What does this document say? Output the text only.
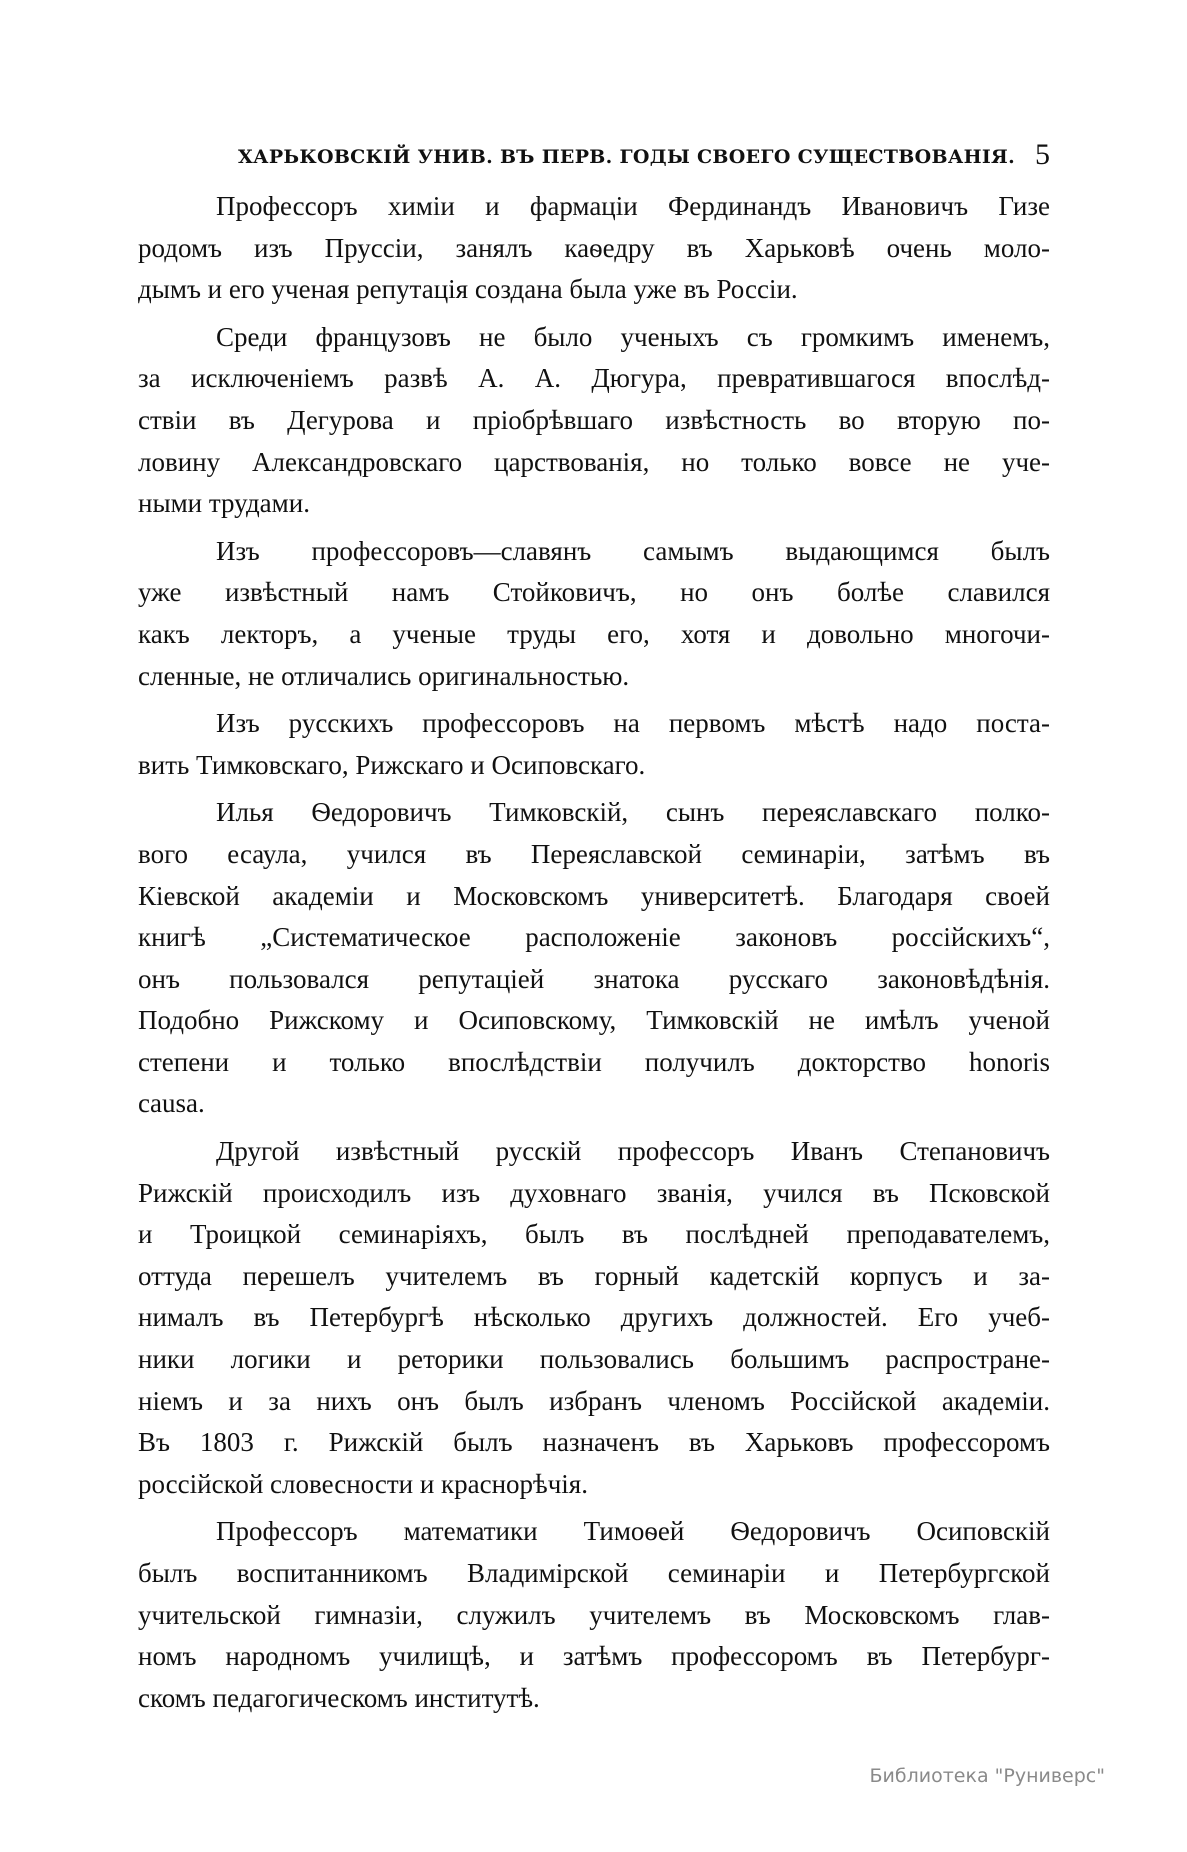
ХАРЬКОВСКІЙ УНИВ. ВЪ ПЕРВ. ГОДЫ СВОЕГО СУЩЕСТВОВАНІЯ. 5
Профессоръ химіи и фармаціи Фердинандъ Ивановичъ Гизе
родомъ изъ Пруссіи, занялъ каѳедру въ Харьковѣ очень моло-
дымъ и его ученая репутація создана была уже въ Россіи.
Среди французовъ не было ученыхъ съ громкимъ именемъ,
за исключеніемъ развѣ А. А. Дюгура, превратившагося впослѣд-
ствіи въ Дегурова и пріобрѣвшаго извѣстность во вторую по-
ловину Александровскаго царствованія, но только вовсе не уче-
ными трудами.
Изъ профессоровъ—славянъ самымъ выдающимся былъ
уже извѣстный намъ Стойковичъ, но онъ болѣе славился
какъ лекторъ, а ученые труды его, хотя и довольно многочи-
сленные, не отличались оригинальностью.
Изъ русскихъ профессоровъ на первомъ мѣстѣ надо поста-
вить Тимковскаго, Рижскаго и Осиповскаго.
Илья Ѳедоровичъ Тимковскій, сынъ переяславскаго полко-
вого есаула, учился въ Переяславской семинаріи, затѣмъ въ
Кіевской академіи и Московскомъ университетѣ. Благодаря своей
книгѣ „Систематическое расположеніе законовъ россійскихъ“,
онъ пользовался репутаціей знатока русскаго законовѣдѣнія.
Подобно Рижскому и Осиповскому, Тимковскій не имѣлъ ученой
степени и только впослѣдствіи получилъ докторство honoris
causa.
Другой извѣстный русскій профессоръ Иванъ Степановичъ
Рижскій происходилъ изъ духовнаго званія, учился въ Псковской
и Троицкой семинаріяхъ, былъ въ послѣдней преподавателемъ,
оттуда перешелъ учителемъ въ горный кадетскій корпусъ и за-
нималъ въ Петербургѣ нѣсколько другихъ должностей. Его учеб-
ники логики и реторики пользовались большимъ распростране-
ніемъ и за нихъ онъ былъ избранъ членомъ Россійской академіи.
Въ 1803 г. Рижскій былъ назначенъ въ Харьковъ профессоромъ
россійской словесности и краснорѣчія.
Профессоръ математики Тимоѳей Ѳедоровичъ Осиповскій
былъ воспитанникомъ Владимірской семинаріи и Петербургской
учительской гимназіи, служилъ учителемъ въ Московскомъ глав-
номъ народномъ училищѣ, и затѣмъ профессоромъ въ Петербург-
скомъ педагогическомъ институтѣ.
Библиотека "Руниверс"
